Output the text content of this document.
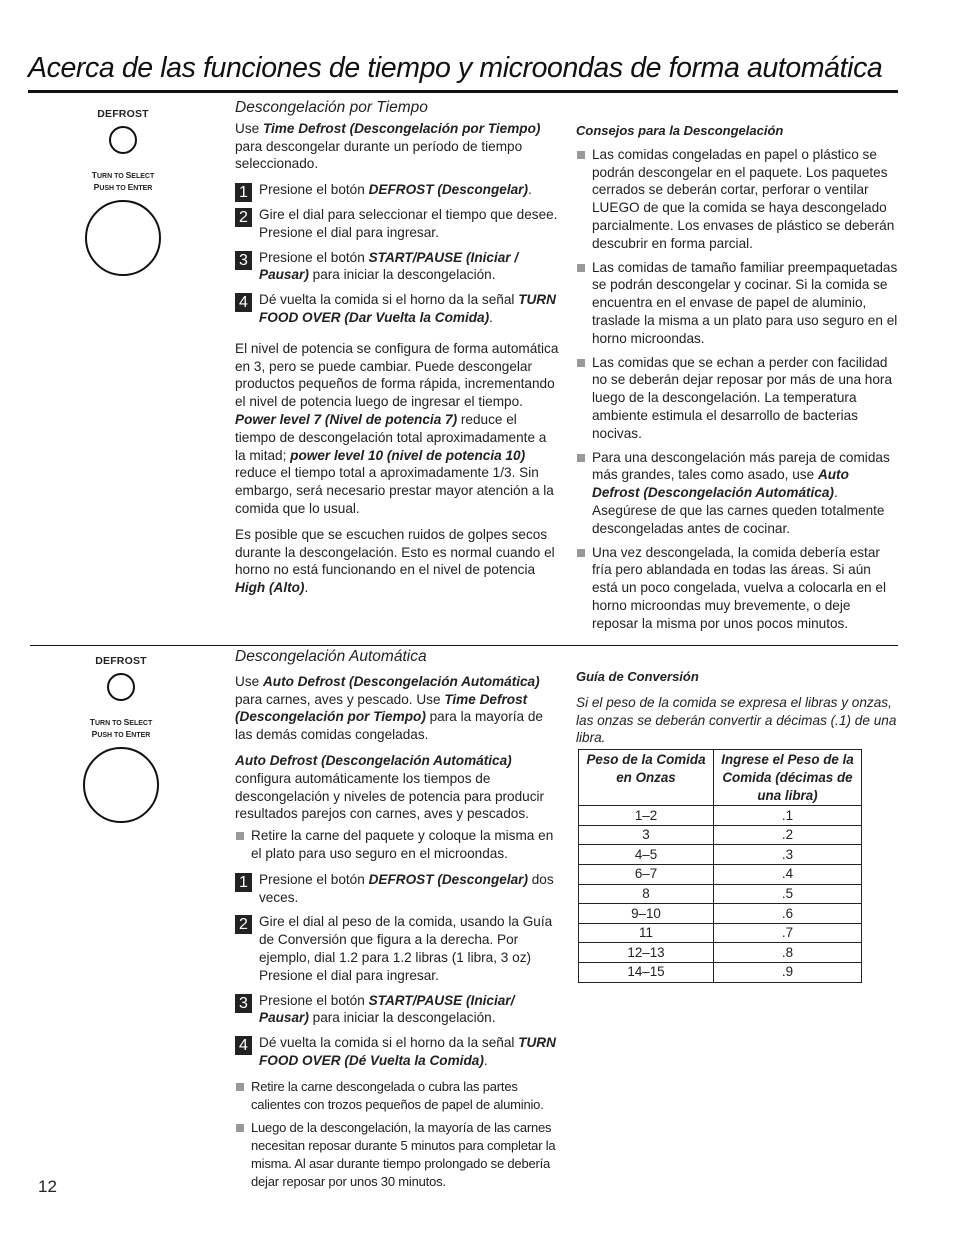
Acerca de las funciones de tiempo y microondas de forma automática
DEFROST
TURN TO SELECT
PUSH TO ENTER
Descongelación por Tiempo

Use Time Defrost (Descongelación por Tiempo) para descongelar durante un período de tiempo seleccionado.

1 Presione el botón DEFROST (Descongelar).
2 Gire el dial para seleccionar el tiempo que desee. Presione el dial para ingresar.
3 Presione el botón START/PAUSE (Iniciar / Pausar) para iniciar la descongelación.
4 Dé vuelta la comida si el horno da la señal TURN FOOD OVER (Dar Vuelta la Comida).

El nivel de potencia se configura de forma automática en 3, pero se puede cambiar. Puede descongelar productos pequeños de forma rápida, incrementando el nivel de potencia luego de ingresar el tiempo. Power level 7 (Nivel de potencia 7) reduce el tiempo de descongelación total aproximadamente a la mitad; power level 10 (nivel de potencia 10) reduce el tiempo total a aproximadamente 1/3. Sin embargo, será necesario prestar mayor atención a la comida que lo usual.

Es posible que se escuchen ruidos de golpes secos durante la descongelación. Esto es normal cuando el horno no está funcionando en el nivel de potencia High (Alto).

Consejos para la Descongelación
Las comidas congeladas en papel o plástico se podrán descongelar en el paquete. Los paquetes cerrados se deberán cortar, perforar o ventilar LUEGO de que la comida se haya descongelado parcialmente. Los envases de plástico se deberán descubrir en forma parcial.
Las comidas de tamaño familiar preempaquetadas se podrán descongelar y cocinar. Si la comida se encuentra en el envase de papel de aluminio, traslade la misma a un plato para uso seguro en el horno microondas.
Las comidas que se echan a perder con facilidad no se deberán dejar reposar por más de una hora luego de la descongelación. La temperatura ambiente estimula el desarrollo de bacterias nocivas.
Para una descongelación más pareja de comidas más grandes, tales como asado, use Auto Defrost (Descongelación Automática). Asegúrese de que las carnes queden totalmente descongeladas antes de cocinar.
Una vez descongelada, la comida debería estar fría pero ablandada en todas las áreas. Si aún está un poco congelada, vuelva a colocarla en el horno microondas muy brevemente, o deje reposar la misma por unos pocos minutos.
DEFROST
TURN TO SELECT
PUSH TO ENTER
Descongelación Automática

Use Auto Defrost (Descongelación Automática) para carnes, aves y pescado. Use Time Defrost (Descongelación por Tiempo) para la mayoría de las demás comidas congeladas.

Auto Defrost (Descongelación Automática) configura automáticamente los tiempos de descongelación y niveles de potencia para producir resultados parejos con carnes, aves y pescados.

Retire la carne del paquete y coloque la misma en el plato para uso seguro en el microondas.
1 Presione el botón DEFROST (Descongelar) dos veces.
2 Gire el dial al peso de la comida, usando la Guía de Conversión que figura a la derecha. Por ejemplo, dial 1.2 para 1.2 libras (1 libra, 3 oz) Presione el dial para ingresar.
3 Presione el botón START/PAUSE (Iniciar/ Pausar) para iniciar la descongelación.
4 Dé vuelta la comida si el horno da la señal TURN FOOD OVER (Dé Vuelta la Comida).
Retire la carne descongelada o cubra las partes calientes con trozos pequeños de papel de aluminio.
Luego de la descongelación, la mayoría de las carnes necesitan reposar durante 5 minutos para completar la misma. Al asar durante tiempo prolongado se debería dejar reposar por unos 30 minutos.
Guía de Conversión

Si el peso de la comida se expresa el libras y onzas, las onzas se deberán convertir a décimas (.1) de una libra.

Peso de la Comida en Onzas	Ingrese el Peso de la Comida (décimas de una libra)
1–2	.1
3	.2
4–5	.3
6–7	.4
8	.5
9–10	.6
11	.7
12–13	.8
14–15	.9
12
